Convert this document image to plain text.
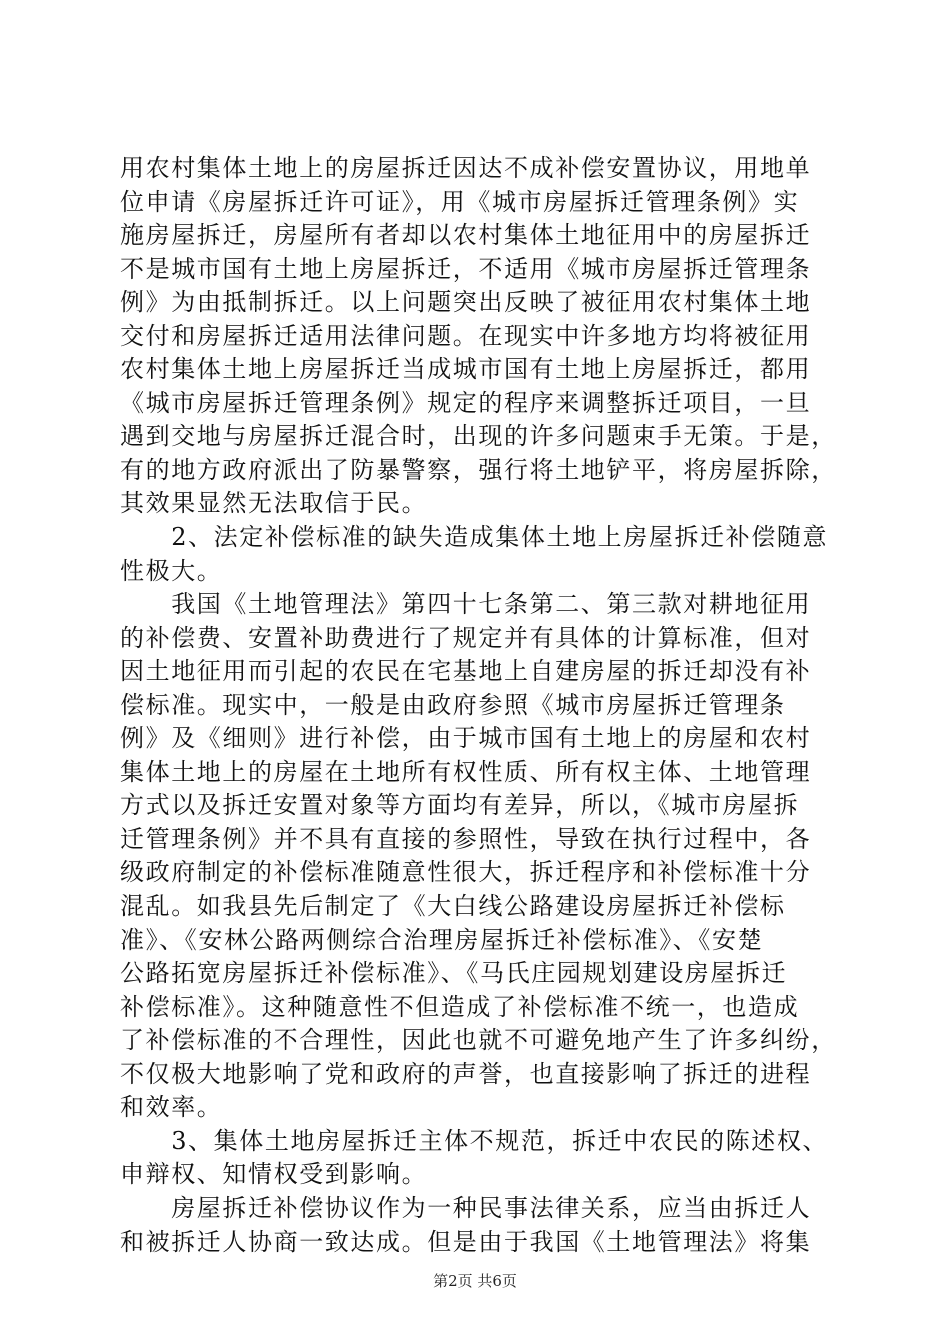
用农村集体土地上的房屋拆迁因达不成补偿安置协议，用地单
位申请《房屋拆迁许可证》，用《城市房屋拆迁管理条例》实
施房屋拆迁，房屋所有者却以农村集体土地征用中的房屋拆迁
不是城市国有土地上房屋拆迁，不适用《城市房屋拆迁管理条
例》为由抵制拆迁。以上问题突出反映了被征用农村集体土地
交付和房屋拆迁适用法律问题。在现实中许多地方均将被征用
农村集体土地上房屋拆迁当成城市国有土地上房屋拆迁，都用
《城市房屋拆迁管理条例》规定的程序来调整拆迁项目，一旦
遇到交地与房屋拆迁混合时，出现的许多问题束手无策。于是，
有的地方政府派出了防暴警察，强行将土地铲平，将房屋拆除，
其效果显然无法取信于民。
　　2、法定补偿标准的缺失造成集体土地上房屋拆迁补偿随意
性极大。
　　我国《土地管理法》第四十七条第二、第三款对耕地征用
的补偿费、安置补助费进行了规定并有具体的计算标准，但对
因土地征用而引起的农民在宅基地上自建房屋的拆迁却没有补
偿标准。现实中，一般是由政府参照《城市房屋拆迁管理条
例》及《细则》进行补偿，由于城市国有土地上的房屋和农村
集体土地上的房屋在土地所有权性质、所有权主体、土地管理
方式以及拆迁安置对象等方面均有差异，所以，《城市房屋拆
迁管理条例》并不具有直接的参照性，导致在执行过程中，各
级政府制定的补偿标准随意性很大，拆迁程序和补偿标准十分
混乱。如我县先后制定了《大白线公路建设房屋拆迁补偿标
准》、《安林公路两侧综合治理房屋拆迁补偿标准》、《安楚
公路拓宽房屋拆迁补偿标准》、《马氏庄园规划建设房屋拆迁
补偿标准》。这种随意性不但造成了补偿标准不统一，也造成
了补偿标准的不合理性，因此也就不可避免地产生了许多纠纷，
不仅极大地影响了党和政府的声誉，也直接影响了拆迁的进程
和效率。
　　3、集体土地房屋拆迁主体不规范，拆迁中农民的陈述权、
申辩权、知情权受到影响。
　　房屋拆迁补偿协议作为一种民事法律关系，应当由拆迁人
和被拆迁人协商一致达成。但是由于我国《土地管理法》将集
第2页 共6页
